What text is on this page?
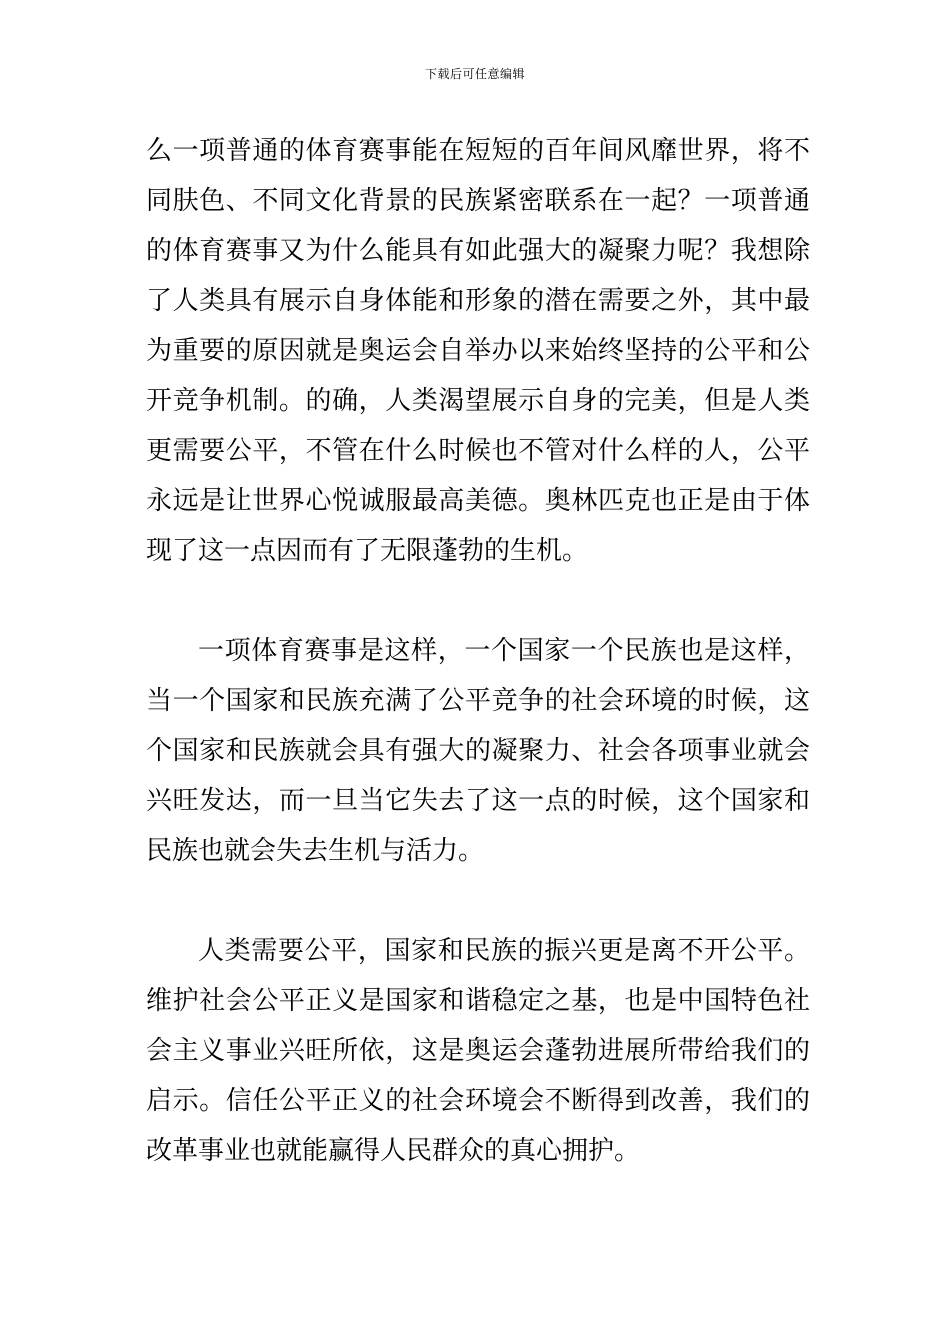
下载后可任意编辑

么一项普通的体育赛事能在短短的百年间风靡世界，将不同肤色、不同文化背景的民族紧密联系在一起？一项普通的体育赛事又为什么能具有如此强大的凝聚力呢？我想除了人类具有展示自身体能和形象的潜在需要之外，其中最为重要的原因就是奥运会自举办以来始终坚持的公平和公开竞争机制。的确，人类渴望展示自身的完美，但是人类更需要公平，不管在什么时候也不管对什么样的人，公平永远是让世界心悦诚服最高美德。奥林匹克也正是由于体现了这一点因而有了无限蓬勃的生机。

一项体育赛事是这样，一个国家一个民族也是这样，当一个国家和民族充满了公平竞争的社会环境的时候，这个国家和民族就会具有强大的凝聚力、社会各项事业就会兴旺发达，而一旦当它失去了这一点的时候，这个国家和民族也就会失去生机与活力。

人类需要公平，国家和民族的振兴更是离不开公平。维护社会公平正义是国家和谐稳定之基，也是中国特色社会主义事业兴旺所依，这是奥运会蓬勃进展所带给我们的启示。信任公平正义的社会环境会不断得到改善，我们的改革事业也就能赢得人民群众的真心拥护。
